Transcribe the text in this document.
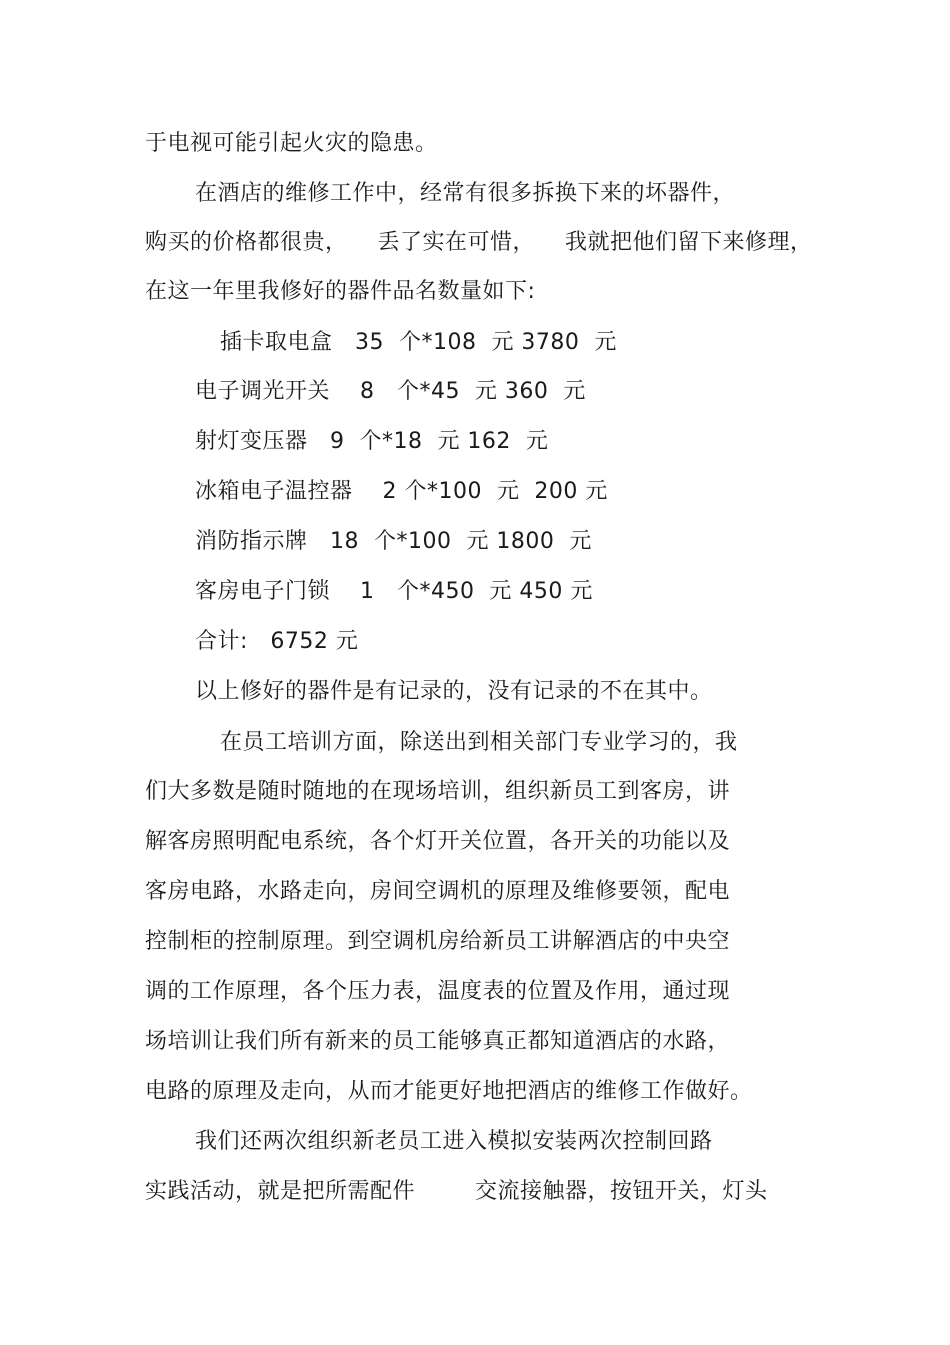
于电视可能引起火灾的隐患。
在酒店的维修工作中，经常有很多拆换下来的坏器件，
购买的价格都很贵，    丢了实在可惜，    我就把他们留下来修理，
在这一年里我修好的器件品名数量如下:
插卡取电盒   35  个*108  元 3780  元
电子调光开关    8   个*45  元 360  元
射灯变压器   9  个*18  元 162  元
冰箱电子温控器    2 个*100  元  200 元
消防指示牌   18  个*100  元 1800  元
客房电子门锁    1   个*450  元 450 元
合计:   6752 元
以上修好的器件是有记录的，没有记录的不在其中。
在员工培训方面，除送出到相关部门专业学习的，我
们大多数是随时随地的在现场培训，组织新员工到客房，讲
解客房照明配电系统，各个灯开关位置，各开关的功能以及
客房电路，水路走向，房间空调机的原理及维修要领，配电
控制柜的控制原理。到空调机房给新员工讲解酒店的中央空
调的工作原理，各个压力表，温度表的位置及作用，通过现
场培训让我们所有新来的员工能够真正都知道酒店的水路，
电路的原理及走向，从而才能更好地把酒店的维修工作做好。
我们还两次组织新老员工进入模拟安装两次控制回路
实践活动，就是把所需配件        交流接触器，按钮开关，灯头
